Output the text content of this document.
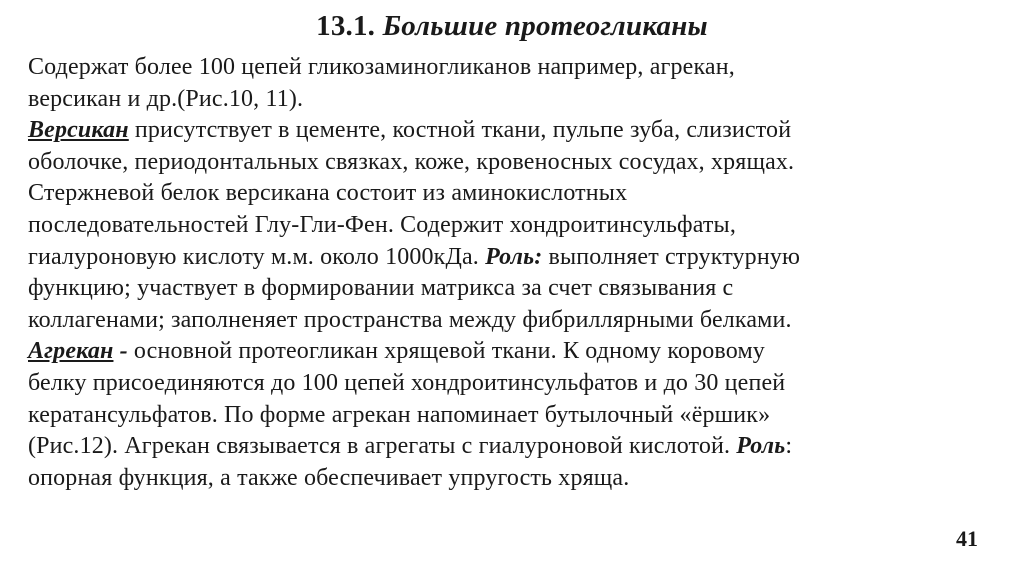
13.1. Большие протеогликаны
Содержат более 100 цепей гликозаминогликанов например, агрекан,
версикан и др.(Рис.10, 11).
Версикан присутствует в цементе, костной ткани, пульпе зуба, слизистой
оболочке, периодонтальных связках, коже, кровеносных сосудах, хрящах.
Стержневой белок версикана состоит из аминокислотных
последовательностей Глу-Гли-Фен. Содержит хондроитинсульфаты,
гиалуроновую кислоту м.м. около 1000кДа. Роль: выполняет структурную
функцию; участвует в формировании матрикса за счет связывания с
коллагенами; заполненяет пространства между фибриллярными белками.
Агрекан - основной протеогликан хрящевой ткани. К одному коровому
белку присоединяются до 100 цепей хондроитинсульфатов и до 30 цепей
кератансульфатов. По форме агрекан напоминает бутылочный «ёршик»
(Рис.12). Агрекан связывается в агрегаты с гиалуроновой кислотой. Роль:
опорная функция, а также обеспечивает упругость хряща.
41
